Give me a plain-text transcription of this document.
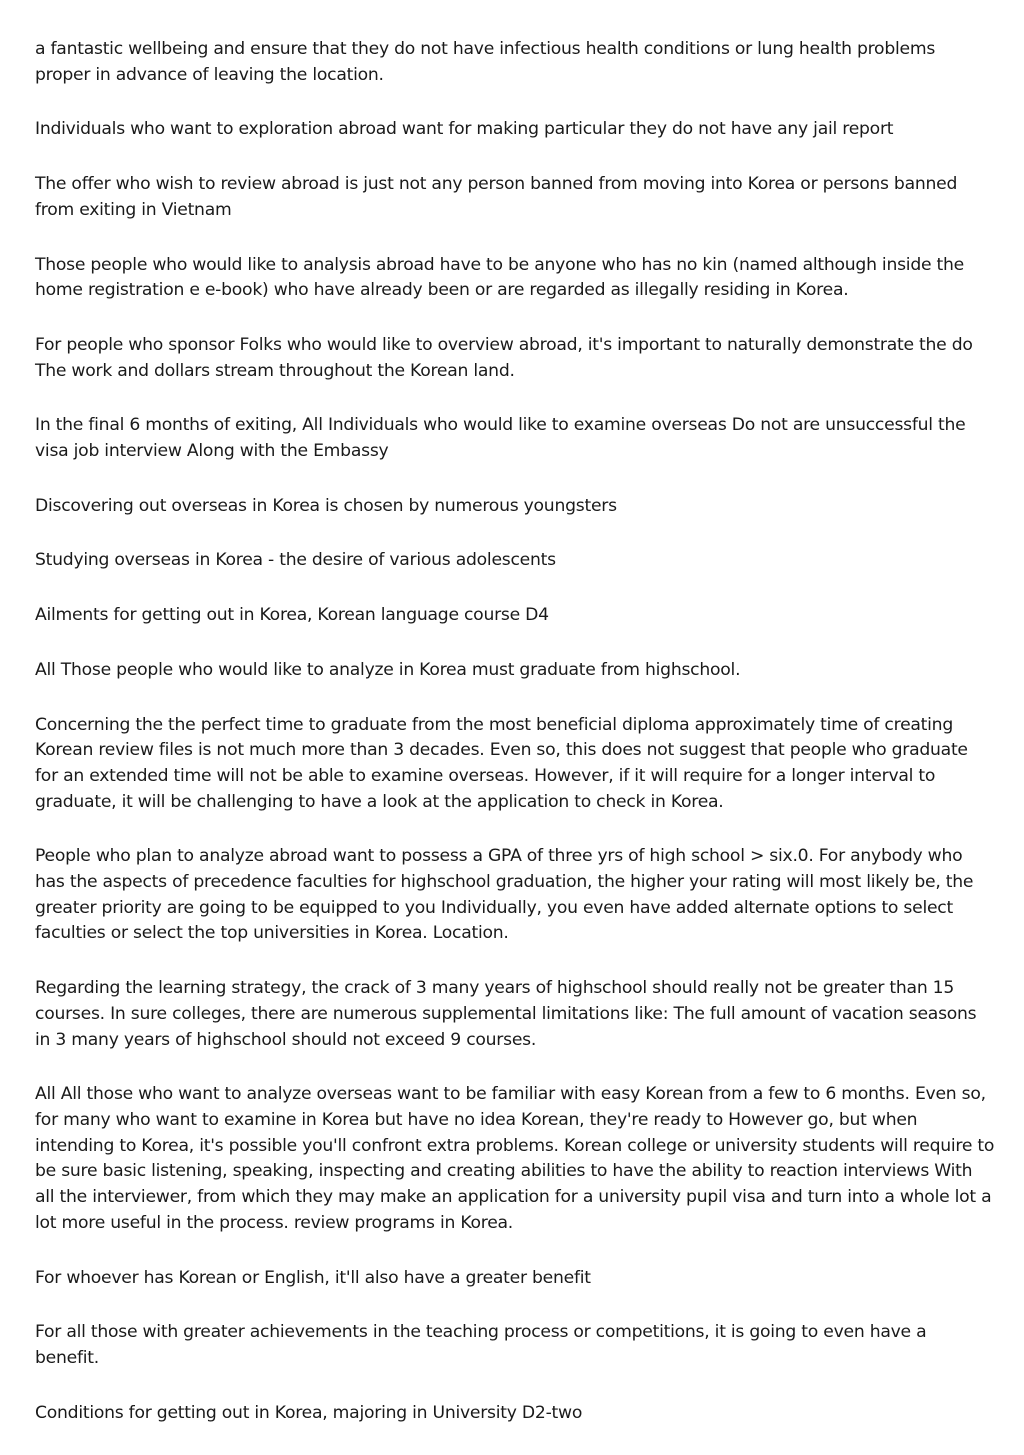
a fantastic wellbeing and ensure that they do not have infectious health conditions or lung health problems proper in advance of leaving the location.

Individuals who want to exploration abroad want for making particular they do not have any jail report

The offer who wish to review abroad is just not any person banned from moving into Korea or persons banned from exiting in Vietnam

Those people who would like to analysis abroad have to be anyone who has no kin (named although inside the home registration e e-book) who have already been or are regarded as illegally residing in Korea.

For people who sponsor Folks who would like to overview abroad, it's important to naturally demonstrate the do The work and dollars stream throughout the Korean land.

In the final 6 months of exiting, All Individuals who would like to examine overseas Do not are unsuccessful the visa job interview Along with the Embassy

Discovering out overseas in Korea is chosen by numerous youngsters

Studying overseas in Korea - the desire of various adolescents

Ailments for getting out in Korea, Korean language course D4

All Those people who would like to analyze in Korea must graduate from highschool.

Concerning the the perfect time to graduate from the most beneficial diploma approximately time of creating Korean review files is not much more than 3 decades. Even so, this does not suggest that people who graduate for an extended time will not be able to examine overseas. However, if it will require for a longer interval to graduate, it will be challenging to have a look at the application to check in Korea.

People who plan to analyze abroad want to possess a GPA of three yrs of high school > six.0. For anybody who has the aspects of precedence faculties for highschool graduation, the higher your rating will most likely be, the greater priority are going to be equipped to you Individually, you even have added alternate options to select faculties or select the top universities in Korea. Location.

Regarding the learning strategy, the crack of 3 many years of highschool should really not be greater than 15 courses. In sure colleges, there are numerous supplemental limitations like: The full amount of vacation seasons in 3 many years of highschool should not exceed 9 courses.

All All those who want to analyze overseas want to be familiar with easy Korean from a few to 6 months. Even so, for many who want to examine in Korea but have no idea Korean, they're ready to However go, but when intending to Korea, it's possible you'll confront extra problems. Korean college or university students will require to be sure basic listening, speaking, inspecting and creating abilities to have the ability to reaction interviews With all the interviewer, from which they may make an application for a university pupil visa and turn into a whole lot a lot more useful in the process. review programs in Korea.

For whoever has Korean or English, it'll also have a greater benefit

For all those with greater achievements in the teaching process or competitions, it is going to even have a benefit.

Conditions for getting out in Korea, majoring in University D2-two
